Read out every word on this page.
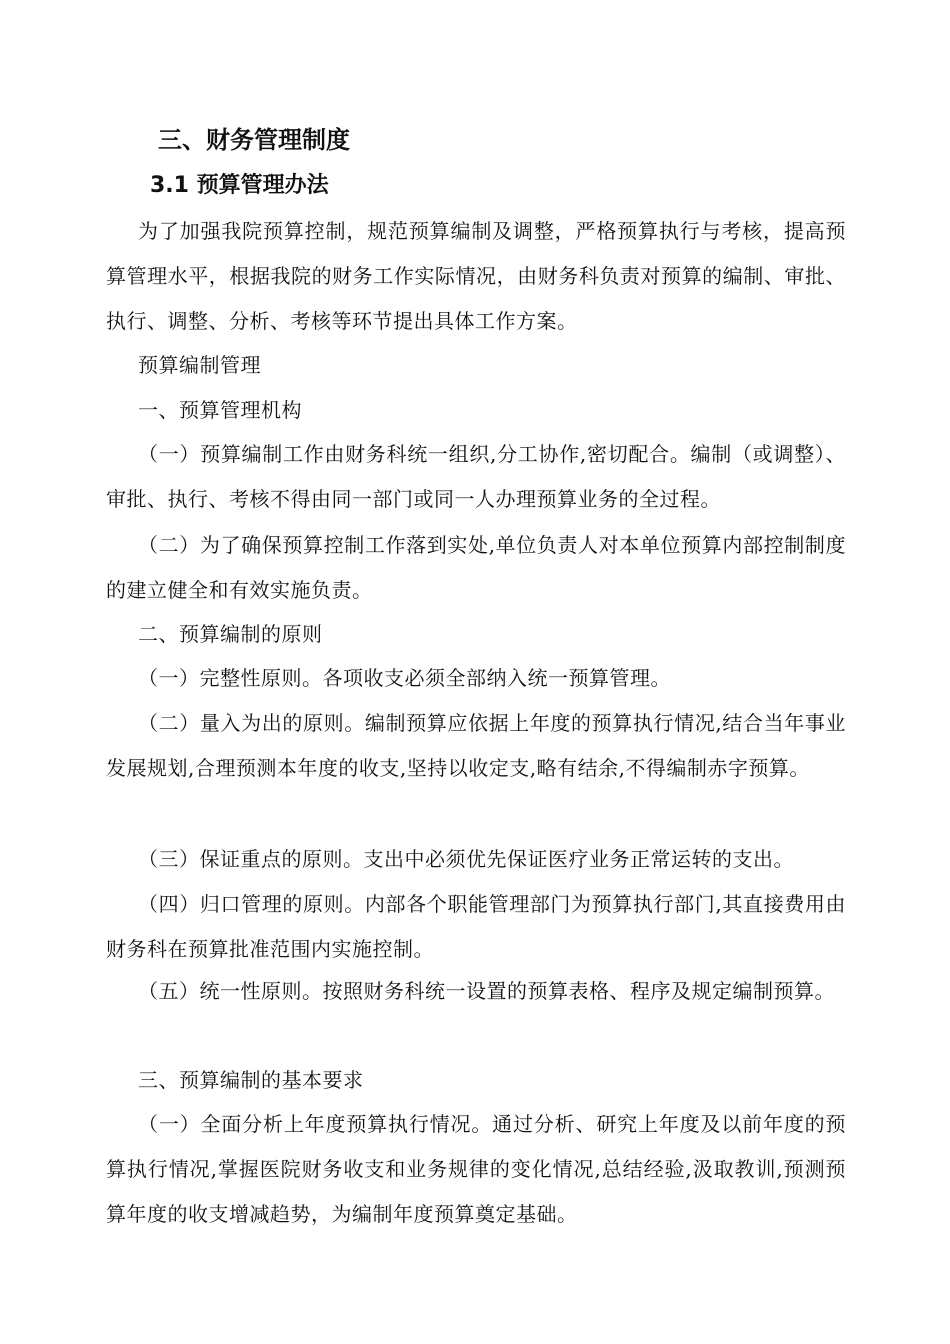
三、财务管理制度
3.1 预算管理办法

为了加强我院预算控制，规范预算编制及调整，严格预算执行与考核，提高预算管理水平，根据我院的财务工作实际情况，由财务科负责对预算的编制、审批、执行、调整、分析、考核等环节提出具体工作方案。

预算编制管理

一、预算管理机构

（一）预算编制工作由财务科统一组织,分工协作,密切配合。编制（或调整）、审批、执行、考核不得由同一部门或同一人办理预算业务的全过程。

（二）为了确保预算控制工作落到实处,单位负责人对本单位预算内部控制制度的建立健全和有效实施负责。

二、预算编制的原则

（一）完整性原则。各项收支必须全部纳入统一预算管理。

（二）量入为出的原则。编制预算应依据上年度的预算执行情况,结合当年事业发展规划,合理预测本年度的收支,坚持以收定支,略有结余,不得编制赤字预算。

（三）保证重点的原则。支出中必须优先保证医疗业务正常运转的支出。

（四）归口管理的原则。内部各个职能管理部门为预算执行部门,其直接费用由财务科在预算批准范围内实施控制。

（五）统一性原则。按照财务科统一设置的预算表格、程序及规定编制预算。

三、预算编制的基本要求

（一）全面分析上年度预算执行情况。通过分析、研究上年度及以前年度的预算执行情况,掌握医院财务收支和业务规律的变化情况,总结经验,汲取教训,预测预算年度的收支增减趋势，为编制年度预算奠定基础。
